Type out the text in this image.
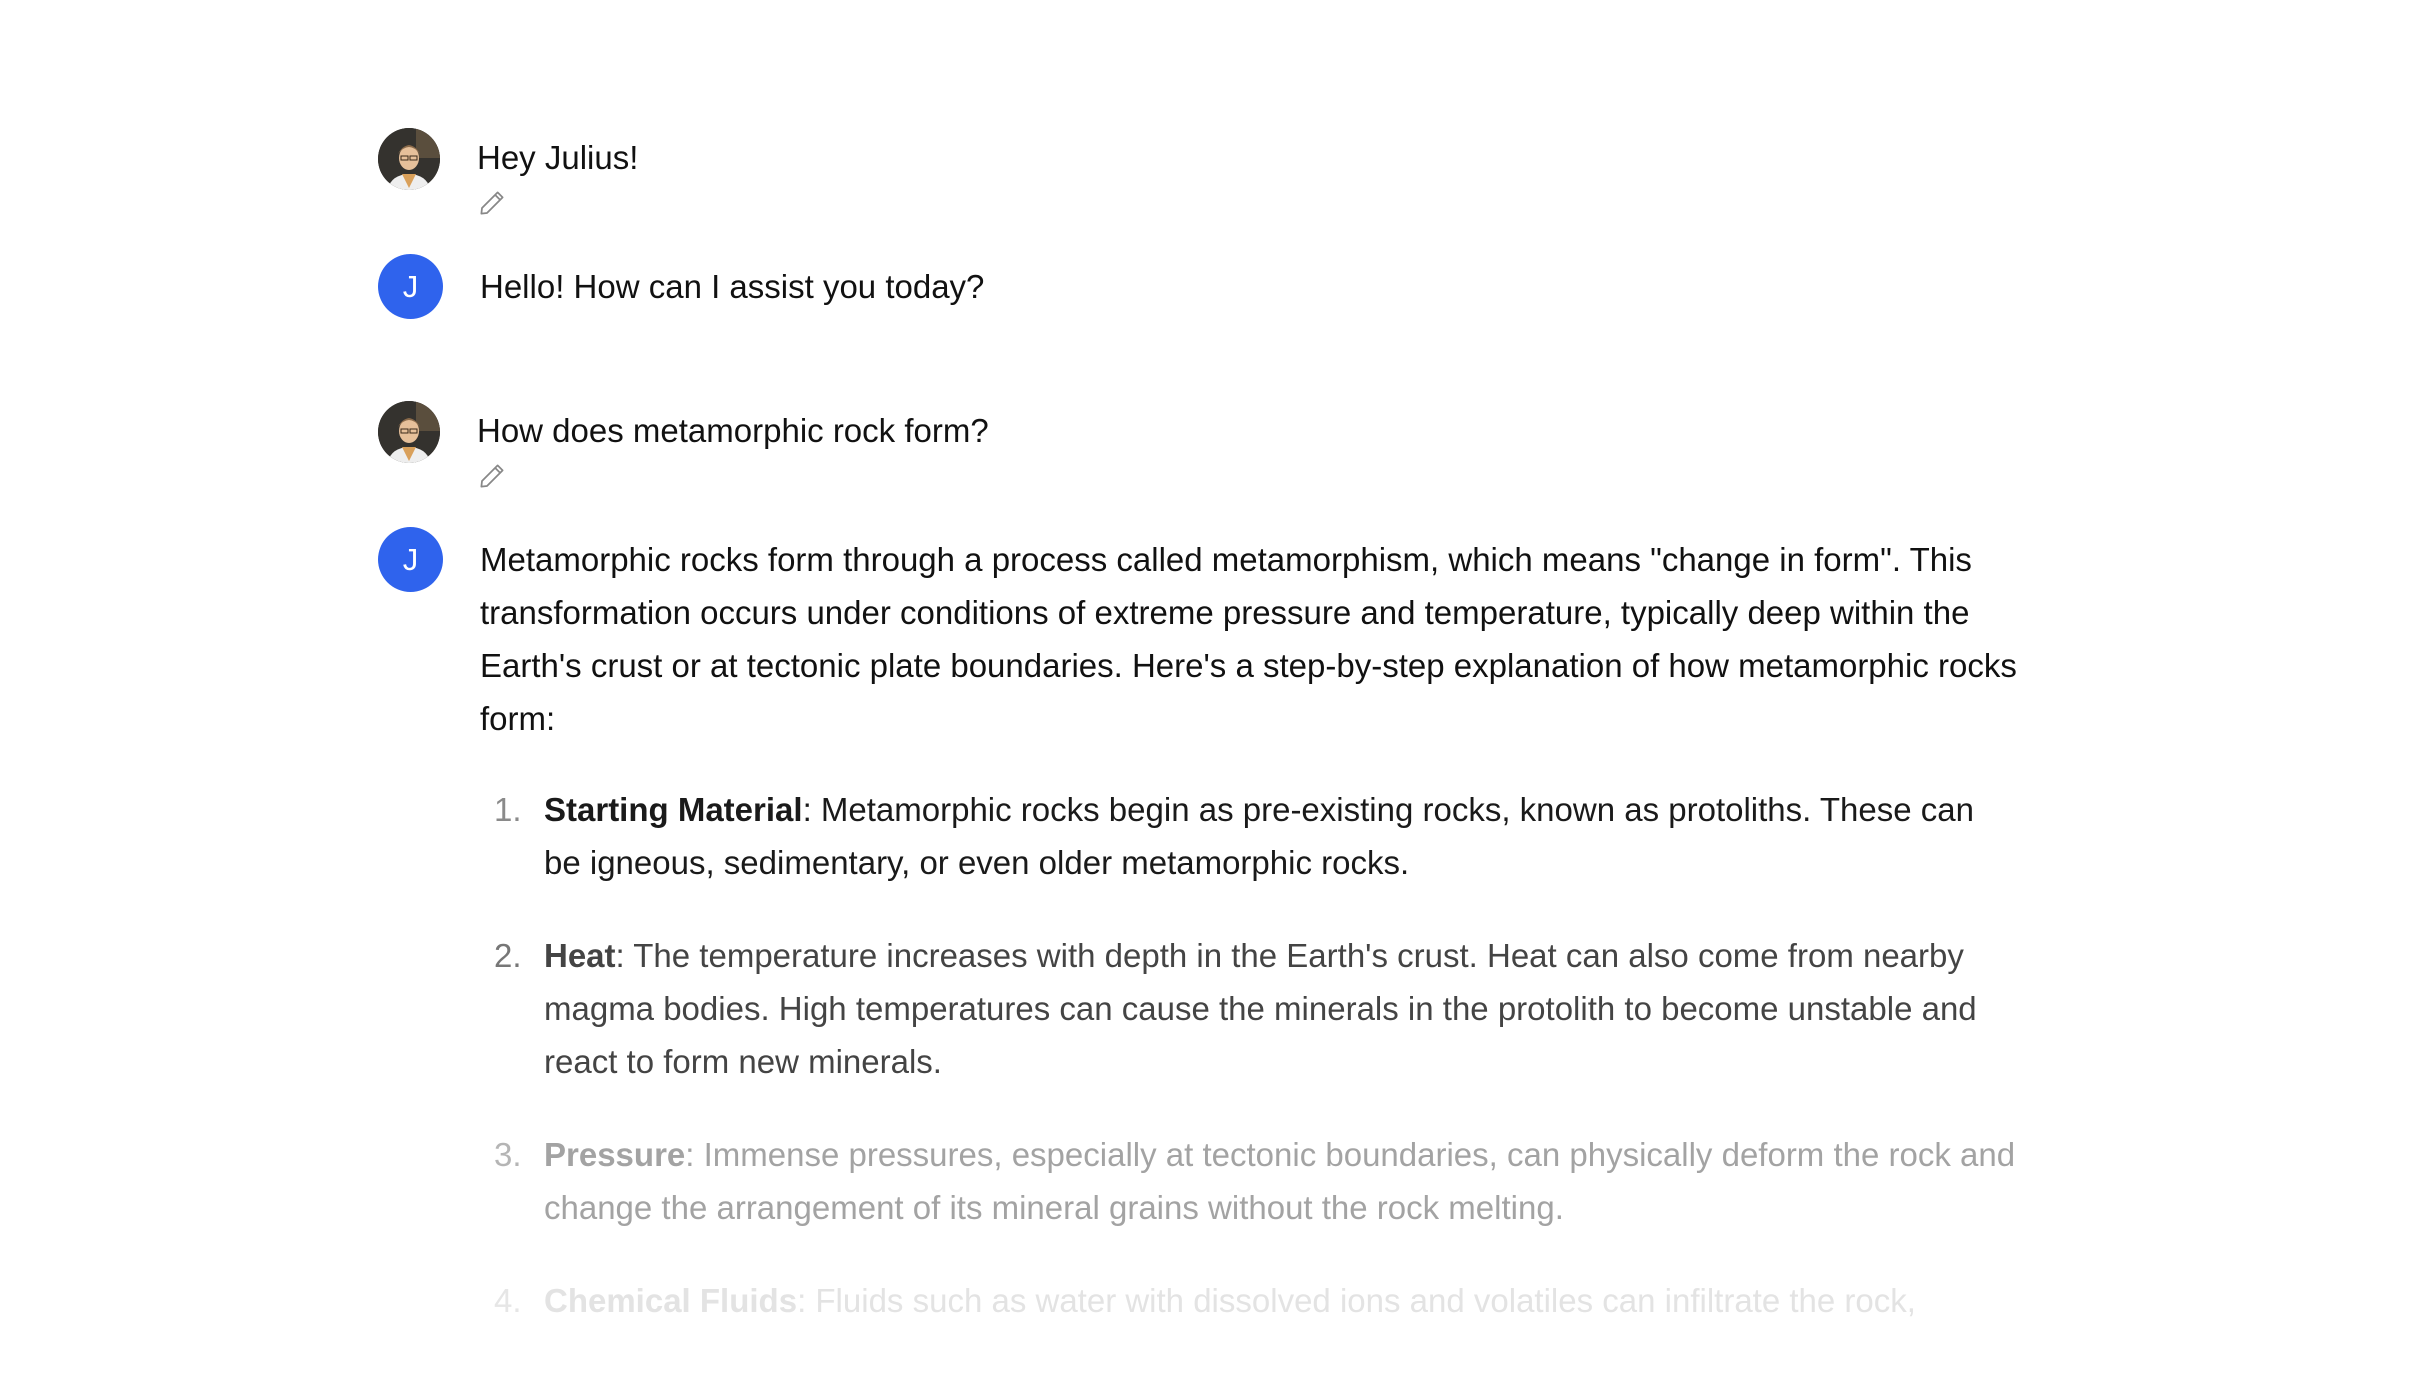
Hey Julius!
J	Hello! How can I assist you today?

How does metamorphic rock form?
J	Metamorphic rocks form through a process called metamorphism, which means "change in form". This transformation occurs under conditions of extreme pressure and temperature, typically deep within the Earth's crust or at tectonic plate boundaries. Here's a step-by-step explanation of how metamorphic rocks form:

1. Starting Material: Metamorphic rocks begin as pre-existing rocks, known as protoliths. These can be igneous, sedimentary, or even older metamorphic rocks.
2. Heat: The temperature increases with depth in the Earth's crust. Heat can also come from nearby magma bodies. High temperatures can cause the minerals in the protolith to become unstable and react to form new minerals.
3. Pressure: Immense pressures, especially at tectonic boundaries, can physically deform the rock and change the arrangement of its mineral grains without the rock melting.
4. Chemical Fluids: Fluids such as water with dissolved ions and volatiles can infiltrate the rock,
